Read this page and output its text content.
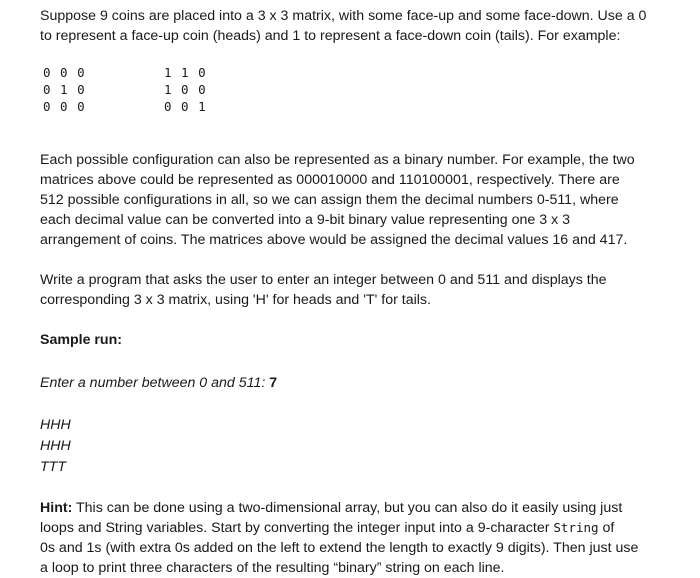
Suppose 9 coins are placed into a 3 x 3 matrix, with some face-up and some face-down. Use a 0
to represent a face-up coin (heads) and 1 to represent a face-down coin (tails). For example:

0 0 0
0 1 0
0 0 0
1 1 0
1 0 0
0 0 1

Each possible configuration can also be represented as a binary number. For example, the two
matrices above could be represented as 000010000 and 110100001, respectively. There are
512 possible configurations in all, so we can assign them the decimal numbers 0-511, where
each decimal value can be converted into a 9-bit binary value representing one 3 x 3
arrangement of coins. The matrices above would be assigned the decimal values 16 and 417.

Write a program that asks the user to enter an integer between 0 and 511 and displays the
corresponding 3 x 3 matrix, using 'H' for heads and 'T' for tails.

Sample run:

Enter a number between 0 and 511: 7

HHH
HHH
TTT

Hint: This can be done using a two-dimensional array, but you can also do it easily using just
loops and String variables. Start by converting the integer input into a 9-character String of
0s and 1s (with extra 0s added on the left to extend the length to exactly 9 digits). Then just use
a loop to print three characters of the resulting “binary” string on each line.
